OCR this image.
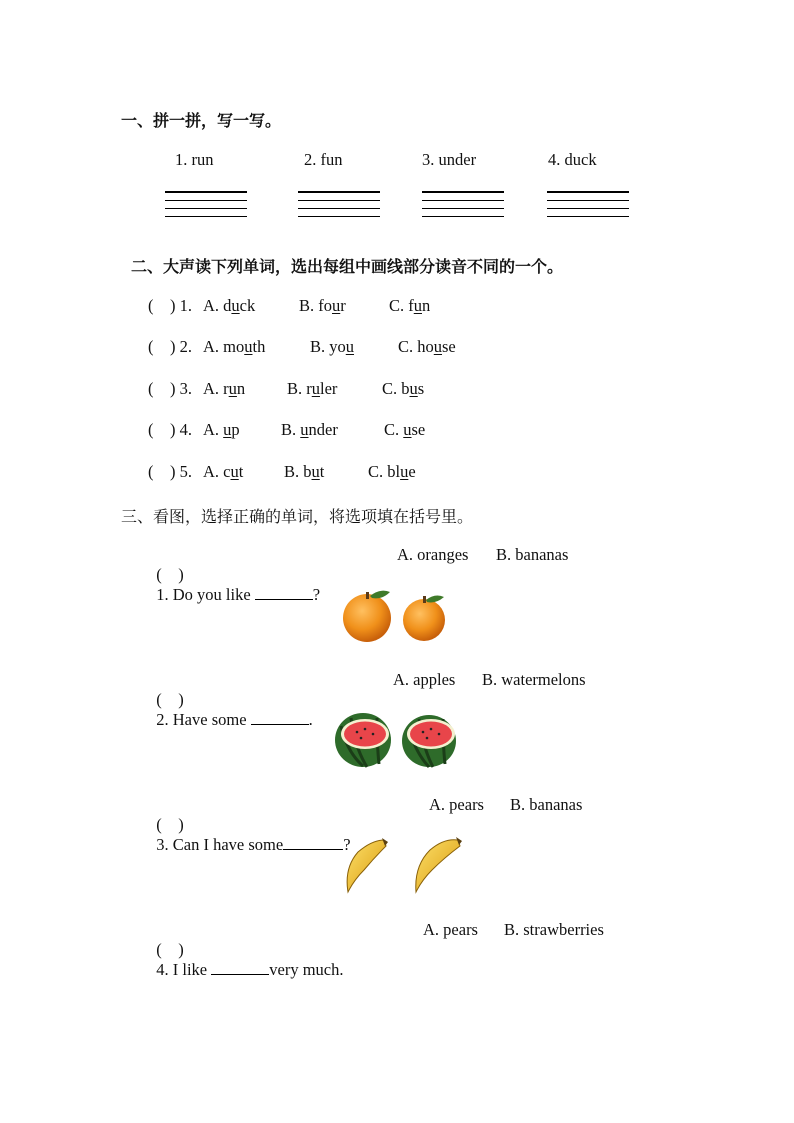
一、拼一拼，写一写。
1. run	2. fun	3. under	4. duck
二、大声读下列单词，选出每组中画线部分读音不同的一个。
(    ) 1. A. duck	B. four	C. fun
(    ) 2. A. mouth	B. you	C. house
(    ) 3. A. run	B. ruler	C. bus
(    ) 4. A. up	B. under	C. use
(    ) 5. A. cut B. but	C. blue
三、看图，选择正确的单词，将选项填在括号里。

(    )
1. Do you like	?

A. oranges B. bananas

(    )
2. Have some	.

A. apples B. watermelons

(    )
3. Can I have some	?

A. pears B. bananas

(    )
4. I like	very much.

A. pears B. strawberries
